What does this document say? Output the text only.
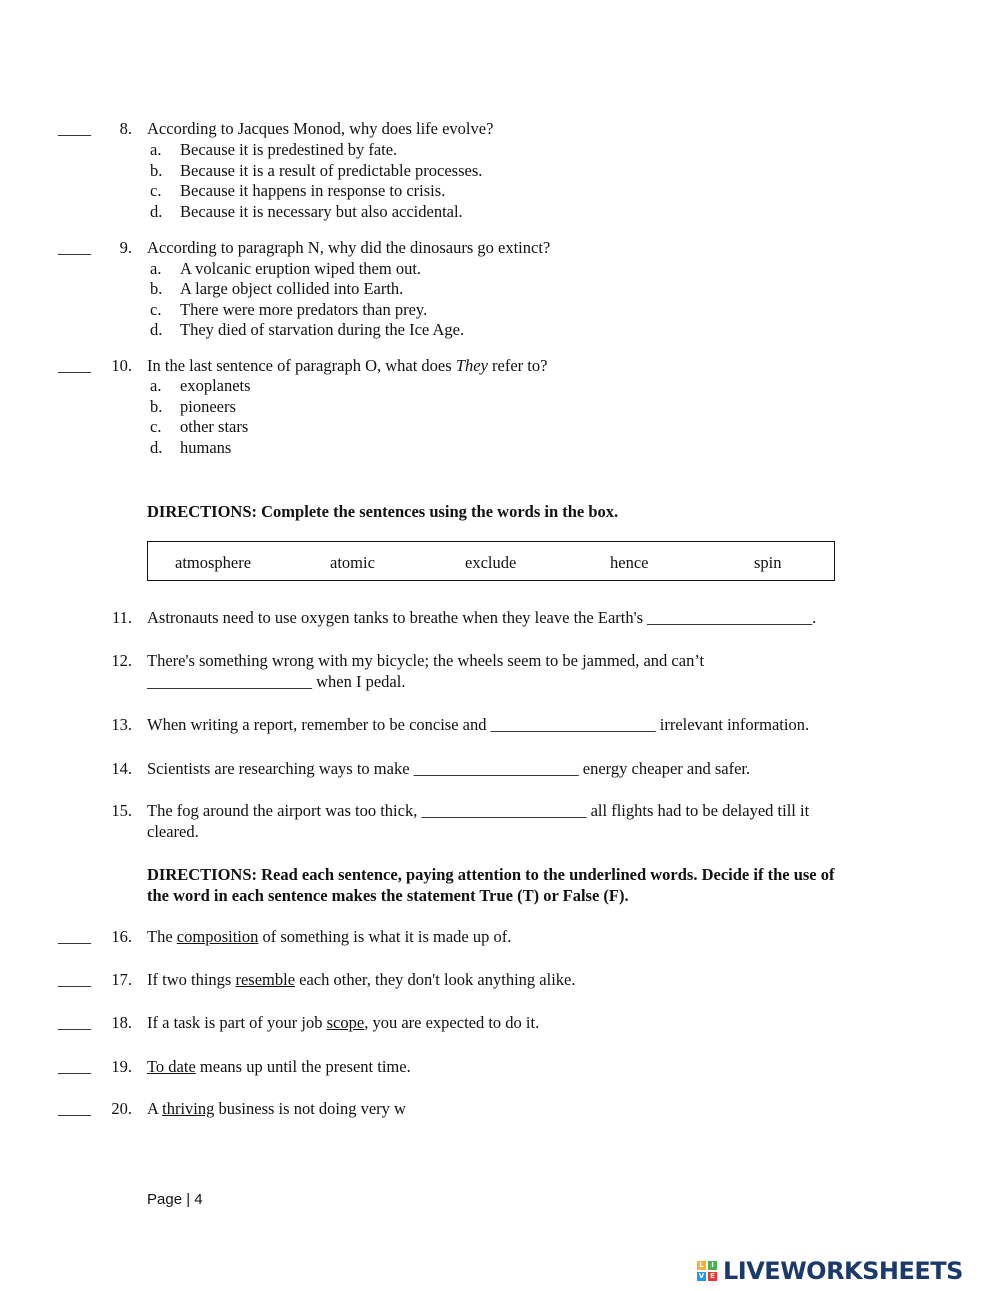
____	8. According to Jacques Monod, why does life evolve?
a. Because it is predestined by fate.
b. Because it is a result of predictable processes.
c. Because it happens in response to crisis.
d. Because it is necessary but also accidental.
____	9. According to paragraph N, why did the dinosaurs go extinct?
a. A volcanic eruption wiped them out.
b. A large object collided into Earth.
c. There were more predators than prey.
d. They died of starvation during the Ice Age.
____	10. In the last sentence of paragraph O, what does They refer to?
a. exoplanets
b. pioneers
c. other stars
d. humans
DIRECTIONS: Complete the sentences using the words in the box.
atmosphere	atomic	exclude	hence	spin
11. Astronauts need to use oxygen tanks to breathe when they leave the Earth's ____________________.
12. There's something wrong with my bicycle; the wheels seem to be jammed, and can’t
____________________ when I pedal.
13. When writing a report, remember to be concise and ____________________ irrelevant information.
14. Scientists are researching ways to make ____________________ energy cheaper and safer.
15. The fog around the airport was too thick, ____________________ all flights had to be delayed till it
cleared.
DIRECTIONS: Read each sentence, paying attention to the underlined words. Decide if the use of
the word in each sentence makes the statement True (T) or False (F).
____	16. The composition of something is what it is made up of.
____	17. If two things resemble each other, they don't look anything alike.
____	18. If a task is part of your job scope, you are expected to do it.
____	19. To date means up until the present time.
____	20. A thriving business is not doing very w
Page | 4
L	I
V E LIVEWORKSHEETS
